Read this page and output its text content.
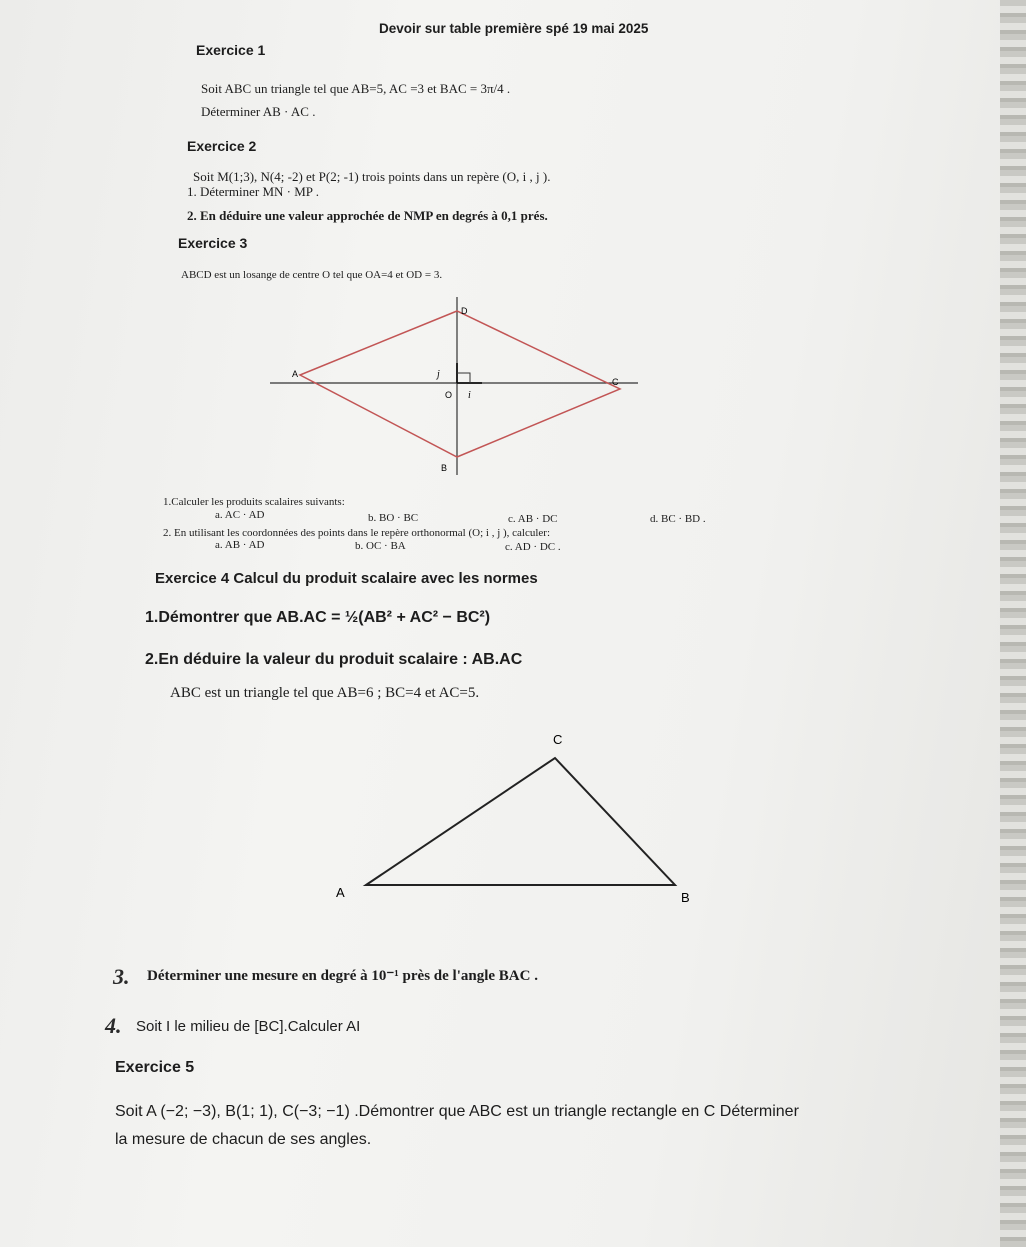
Devoir sur table première spé 19 mai 2025
Exercice 1
Soit ABC un triangle tel que AB=5, AC =3 et BAC = 3π/4 .
Déterminer AB · AC .
Exercice 2
Soit M(1;3), N(4; -2) et P(2; -1) trois points dans un repère (O, i , j ).
1. Déterminer MN · MP .
2. En déduire une valeur approchée de NMP en degrés à 0,1 prés.
Exercice 3
ABCD est un losange de centre O tel que OA=4 et OD = 3.
A
D
C
B
O i
j
1.Calculer les produits scalaires suivants:
a. AC · AD	b. BO · BC	c. AB · DC	d. BC · BD .
2. En utilisant les coordonnées des points dans le repère orthonormal (O; i , j ), calculer:
a. AB · AD	b. OC · BA	c. AD · DC .
Exercice 4 Calcul du produit scalaire avec les normes
1.Démontrer que AB.AC = ½(AB² + AC² − BC²)
2.En déduire la valeur du produit scalaire : AB.AC
ABC est un triangle tel que AB=6 ; BC=4 et AC=5.
C
A	B
3. Déterminer une mesure en degré à 10⁻¹ près de l'angle BAC .
4. Soit I le milieu de [BC].Calculer AI
Exercice 5
Soit A (−2; −3), B(1; 1), C(−3; −1) .Démontrer que ABC est un triangle rectangle en C Déterminer
la mesure de chacun de ses angles.
